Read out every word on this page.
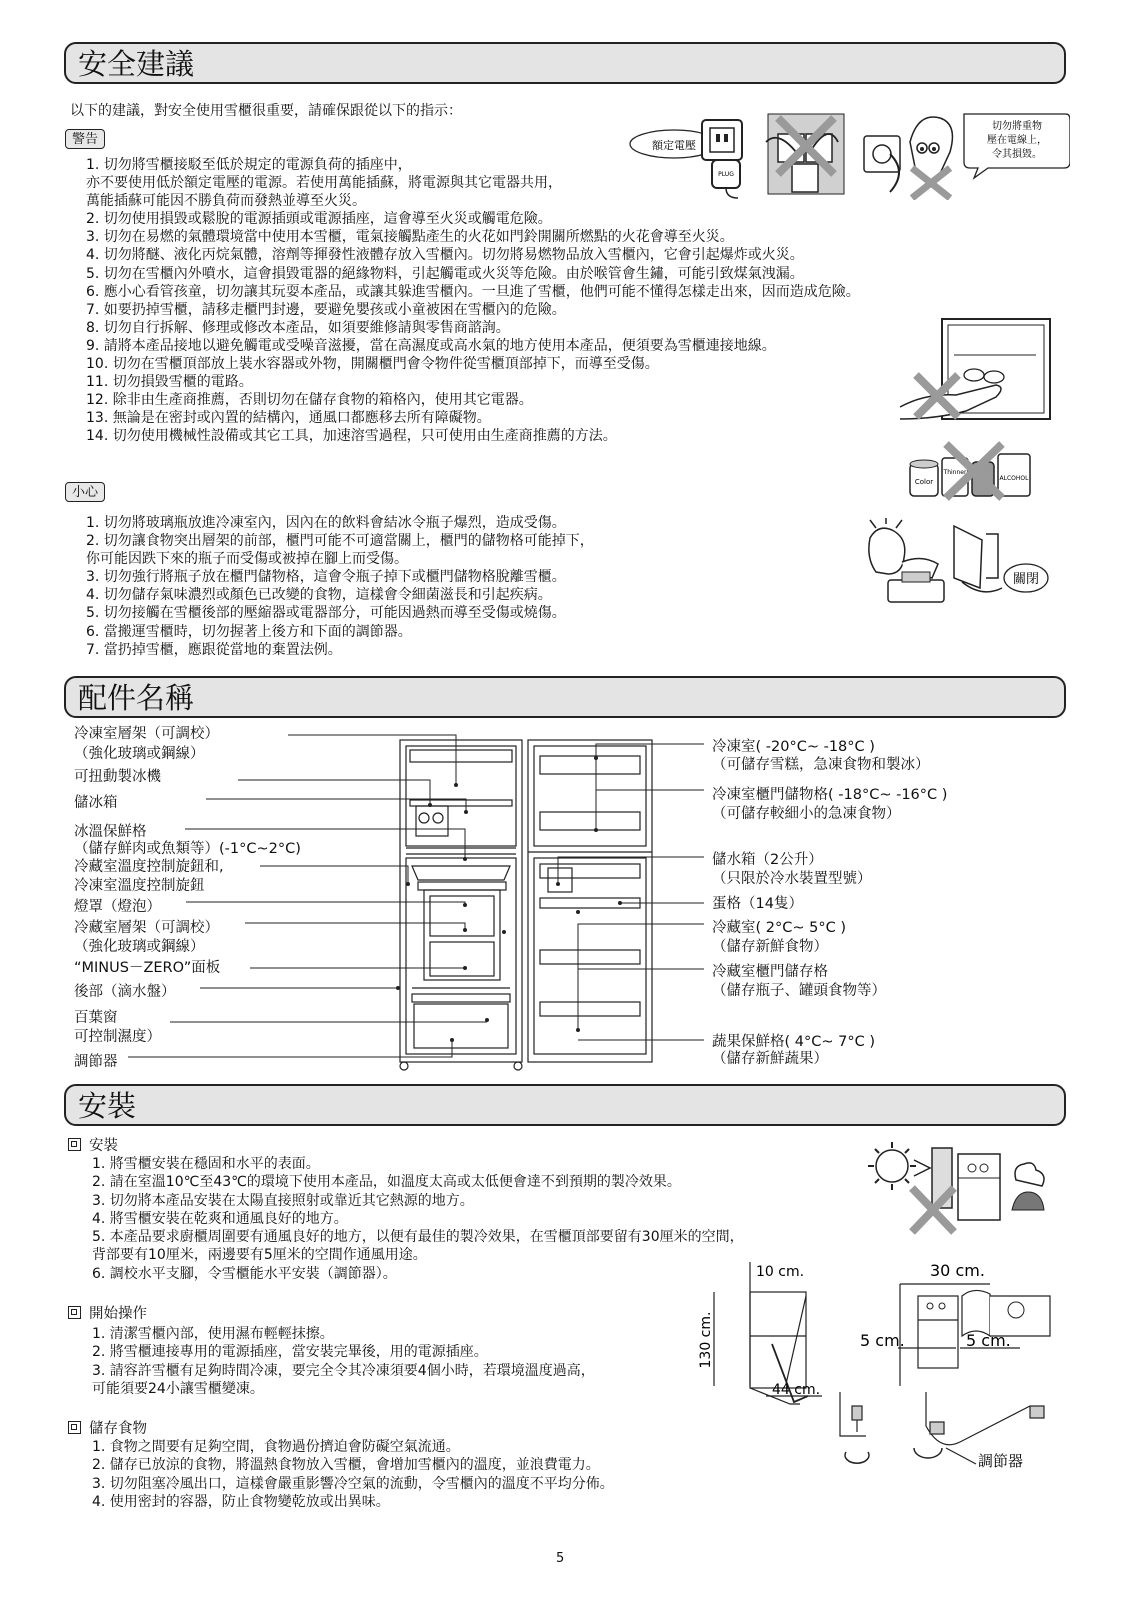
安全建議
以下的建議，對安全使用雪櫃很重要，請確保跟從以下的指示：
警告
1. 切勿將雪櫃接駁至低於規定的電源負荷的插座中，
亦不要使用低於額定電壓的電源。若使用萬能插蘇，將電源與其它電器共用，
萬能插蘇可能因不勝負荷而發熱並導至火災。
2. 切勿使用損毀或鬆脫的電源插頭或電源插座，這會導至火災或觸電危險。
3. 切勿在易燃的氣體環境當中使用本雪櫃，電氣接觸點產生的火花如門鈴開關所燃點的火花會導至火災。
4. 切勿將醚、液化丙烷氣體，溶劑等揮發性液體存放入雪櫃內。切勿將易燃物品放入雪櫃內，它會引起爆炸或火災。
5. 切勿在雪櫃內外噴水，這會損毀電器的絕緣物料，引起觸電或火災等危險。由於喉管會生鏽，可能引致煤氣洩漏。
6. 應小心看管孩童，切勿讓其玩耍本產品，或讓其躲進雪櫃內。一旦進了雪櫃，他們可能不懂得怎樣走出來，因而造成危險。
7. 如要扔掉雪櫃，請移走櫃門封邊，要避免嬰孩或小童被困在雪櫃內的危險。
8. 切勿自行拆解、修理或修改本產品，如須要維修請與零售商諮詢。
9. 請將本產品接地以避免觸電或受噪音滋擾，當在高濕度或高水氣的地方使用本產品，便須要為雪櫃連接地線。
10. 切勿在雪櫃頂部放上裝水容器或外物，開關櫃門會令物件從雪櫃頂部掉下，而導至受傷。
11. 切勿損毀雪櫃的電路。
12. 除非由生產商推薦，否則切勿在儲存食物的箱格內，使用其它電器。
13. 無論是在密封或內置的結構內，通風口都應移去所有障礙物。
14. 切勿使用機械性設備或其它工具，加速溶雪過程，只可使用由生產商推薦的方法。
額定電壓
PLUG
切勿將重物
壓在電線上，
令其損毀。
Color
Thinner
ALCOHOL
小心
1. 切勿將玻璃瓶放進冷凍室內，因內在的飲料會結冰令瓶子爆烈，造成受傷。
2. 切勿讓食物突出層架的前部，櫃門可能不可適當關上，櫃門的儲物格可能掉下，
你可能因跌下來的瓶子而受傷或被掉在腳上而受傷。
3. 切勿強行將瓶子放在櫃門儲物格，這會令瓶子掉下或櫃門儲物格脫離雪櫃。
4. 切勿儲存氣味濃烈或顏色已改變的食物，這樣會令細菌滋長和引起疾病。
5. 切勿接觸在雪櫃後部的壓縮器或電器部分，可能因過熱而導至受傷或燒傷。
6. 當搬運雪櫃時，切勿握著上後方和下面的調節器。
7. 當扔掉雪櫃，應跟從當地的棄置法例。
關閉
配件名稱
冷凍室層架（可調校）
（強化玻璃或鋼線）
可扭動製冰機
儲冰箱
冰溫保鮮格
（儲存鮮肉或魚類等）(-1°C~2°C)
冷藏室溫度控制旋鈕和,
冷凍室溫度控制旋鈕
燈罩（燈泡）
冷藏室層架（可調校）
（強化玻璃或鋼線）
“MINUS－ZERO”面板
後部（滴水盤）
百葉窗
可控制濕度）
調節器
冷凍室( -20°C~ -18°C )
（可儲存雪糕，急凍食物和製冰）
冷凍室櫃門儲物格( -18°C~ -16°C )
（可儲存較細小的急凍食物）
儲水箱（2公升）
（只限於冷水裝置型號）
蛋格（14隻）
冷藏室( 2°C~ 5°C )
（儲存新鮮食物）
冷藏室櫃門儲存格
（儲存瓶子、罐頭食物等）
蔬果保鮮格( 4°C~ 7°C )
（儲存新鮮蔬果）
安裝
安裝
1. 將雪櫃安裝在穩固和水平的表面。
2. 請在室溫10℃至43℃的環境下使用本產品，如溫度太高或太低便會達不到預期的製冷效果。
3. 切勿將本產品安裝在太陽直接照射或靠近其它熱源的地方。
4. 將雪櫃安裝在乾爽和通風良好的地方。
5. 本產品要求廚櫃周圍要有通風良好的地方，以便有最佳的製冷效果，在雪櫃頂部要留有30厘米的空間，
背部要有10厘米，兩邊要有5厘米的空間作通風用途。
6. 調校水平支腳，令雪櫃能水平安裝（調節器）。
開始操作
1. 清潔雪櫃內部，使用濕布輕輕抹擦。
2. 將雪櫃連接專用的電源插座，當安裝完畢後，用的電源插座。
3. 請容許雪櫃有足夠時間冷凍，要完全令其冷凍須要4個小時，若環境溫度過高，
可能須要24小讓雪櫃變凍。
儲存食物
1. 食物之間要有足夠空間，食物過份擠迫會防礙空氣流通。
2. 儲存已放涼的食物，將溫熱食物放入雪櫃，會增加雪櫃內的溫度，並浪費電力。
3. 切勿阻塞冷風出口，這樣會嚴重影響冷空氣的流動，令雪櫃內的溫度不平均分佈。
4. 使用密封的容器，防止食物變乾放或出異味。
10 cm.	30 cm.
130 cm.	5 cm.	5 cm.
44 cm.
調節器
5
